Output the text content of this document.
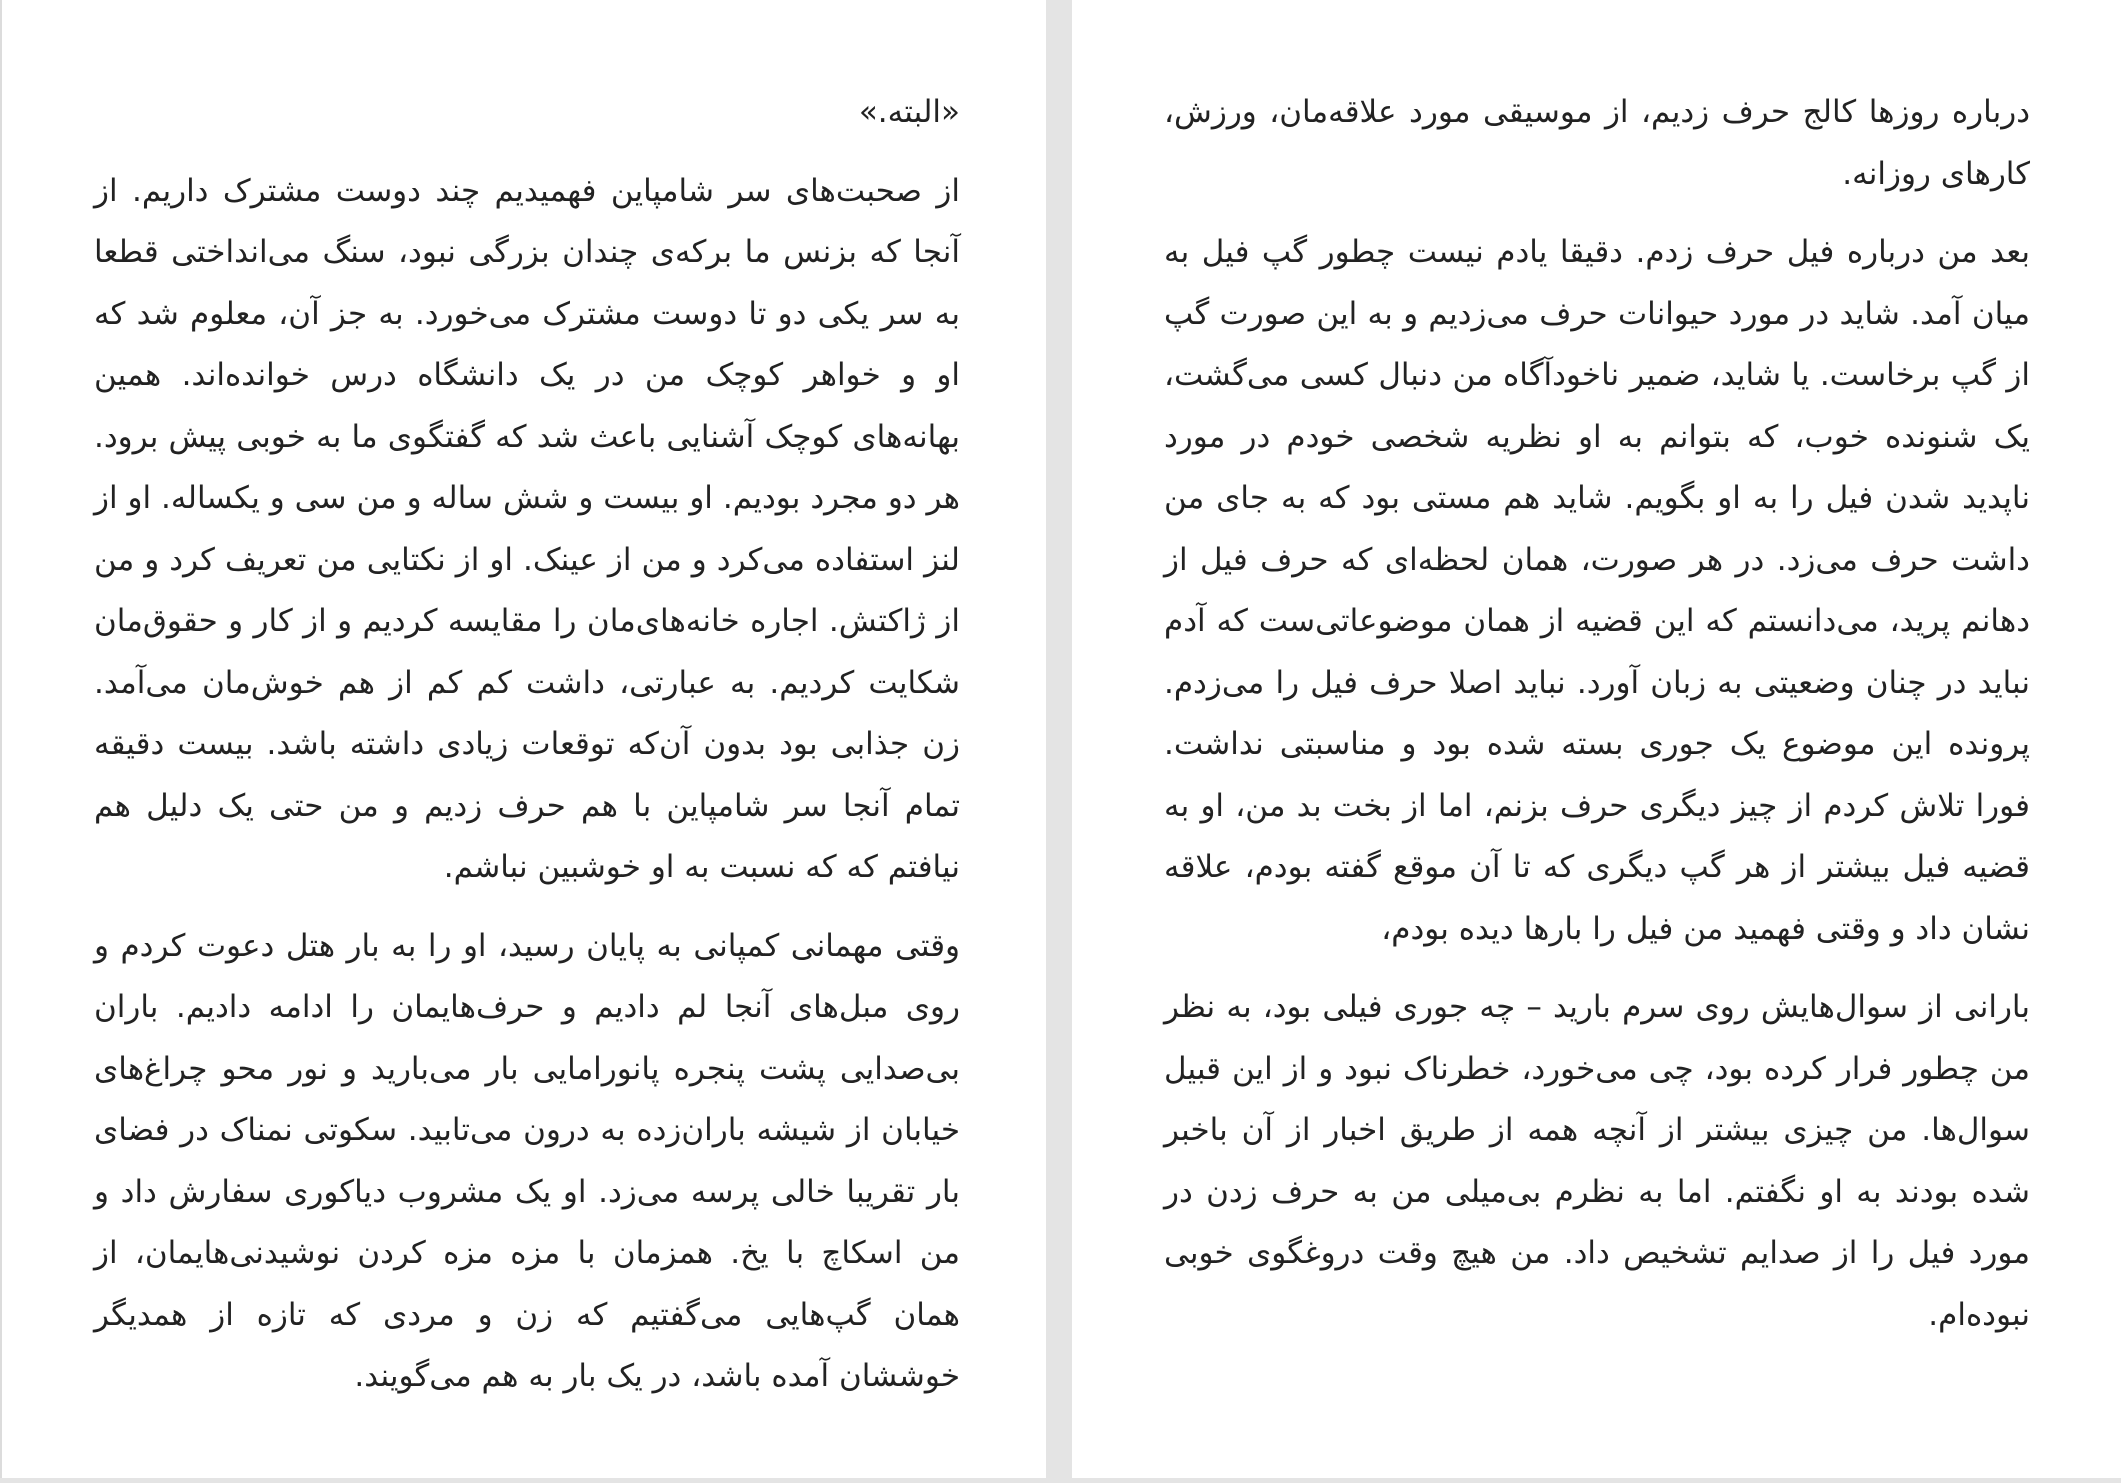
«البته.»

از صحبت‌های سر شامپاین فهمیدیم چند دوست مشترک داریم. از آنجا که بزنس ما برکه‌ی چندان بزرگی نبود، سنگ می‌انداختی قطعا به سر یکی دو تا دوست مشترک می‌خورد. به جز آن، معلوم شد که او و خواهر کوچک من در یک دانشگاه درس خوانده‌اند. همین بهانه‌های کوچک آشنایی باعث شد که گفتگوی ما به خوبی پیش برود. هر دو مجرد بودیم. او بیست و شش ساله و من سی و یکساله. او از لنز استفاده می‌کرد و من از عینک. او از نکتایی من تعریف کرد و من از ژاکتش. اجاره خانه‌های‌مان را مقایسه کردیم و از کار و حقوق‌مان شکایت کردیم. به عبارتی، داشت کم کم از هم خوش‌مان می‌آمد. زن جذابی بود بدون آن‌که توقعات زیادی داشته باشد. بیست دقیقه تمام آنجا سر شامپاین با هم حرف زدیم و من حتی یک دلیل هم نیافتم که که نسبت به او خوشبین نباشم.

وقتی مهمانی کمپانی به پایان رسید، او را به بار هتل دعوت کردم و روی مبل‌های آنجا لم دادیم و حرف‌هایمان را ادامه دادیم. باران بی‌صدایی پشت پنجره پانورامایی بار می‌بارید و نور محو چراغ‌های خیابان از شیشه باران‌زده به درون می‌تابید. سکوتی نمناک در فضای بار تقریبا خالی پرسه می‌زد. او یک مشروب دیاکوری سفارش داد و من اسکاچ با یخ. همزمان با مزه مزه کردن نوشیدنی‌هایمان، از همان گپ‌هایی می‌گفتیم که زن و مردی که تازه از همدیگر خوششان آمده باشد، در یک بار به هم می‌گویند.

درباره روزها کالج حرف زدیم، از موسیقی مورد علاقه‌مان، ورزش، کارهای روزانه.

بعد من درباره فیل حرف زدم. دقیقا یادم نیست چطور گپ فیل به میان آمد. شاید در مورد حیوانات حرف می‌زدیم و به این صورت گپ از گپ برخاست. یا شاید، ضمیر ناخودآگاه من دنبال کسی می‌گشت، یک شنونده خوب، که بتوانم به او نظریه شخصی خودم در مورد ناپدید شدن فیل را به او بگویم. شاید هم مستی بود که به جای من داشت حرف می‌زد. در هر صورت، همان لحظه‌ای که حرف فیل از دهانم پرید، می‌دانستم که این قضیه از همان موضوعاتی‌ست که آدم نباید در چنان وضعیتی به زبان آورد. نباید اصلا حرف فیل را می‌زدم. پرونده این موضوع یک جوری بسته شده بود و مناسبتی نداشت. فورا تلاش کردم از چیز دیگری حرف بزنم، اما از بخت بد من، او به قضیه فیل بیشتر از هر گپ دیگری که تا آن موقع گفته بودم، علاقه نشان داد و وقتی فهمید من فیل را بارها دیده بودم،

بارانی از سوال‌هایش روی سرم بارید – چه جوری فیلی بود، به نظر من چطور فرار کرده بود، چی می‌خورد، خطرناک نبود و از این قبیل سوال‌ها. من چیزی بیشتر از آنچه همه از طریق اخبار از آن باخبر شده بودند به او نگفتم. اما به نظرم بی‌میلی من به حرف زدن در مورد فیل را از صدایم تشخیص داد. من هیچ وقت دروغگوی خوبی نبوده‌ام.
